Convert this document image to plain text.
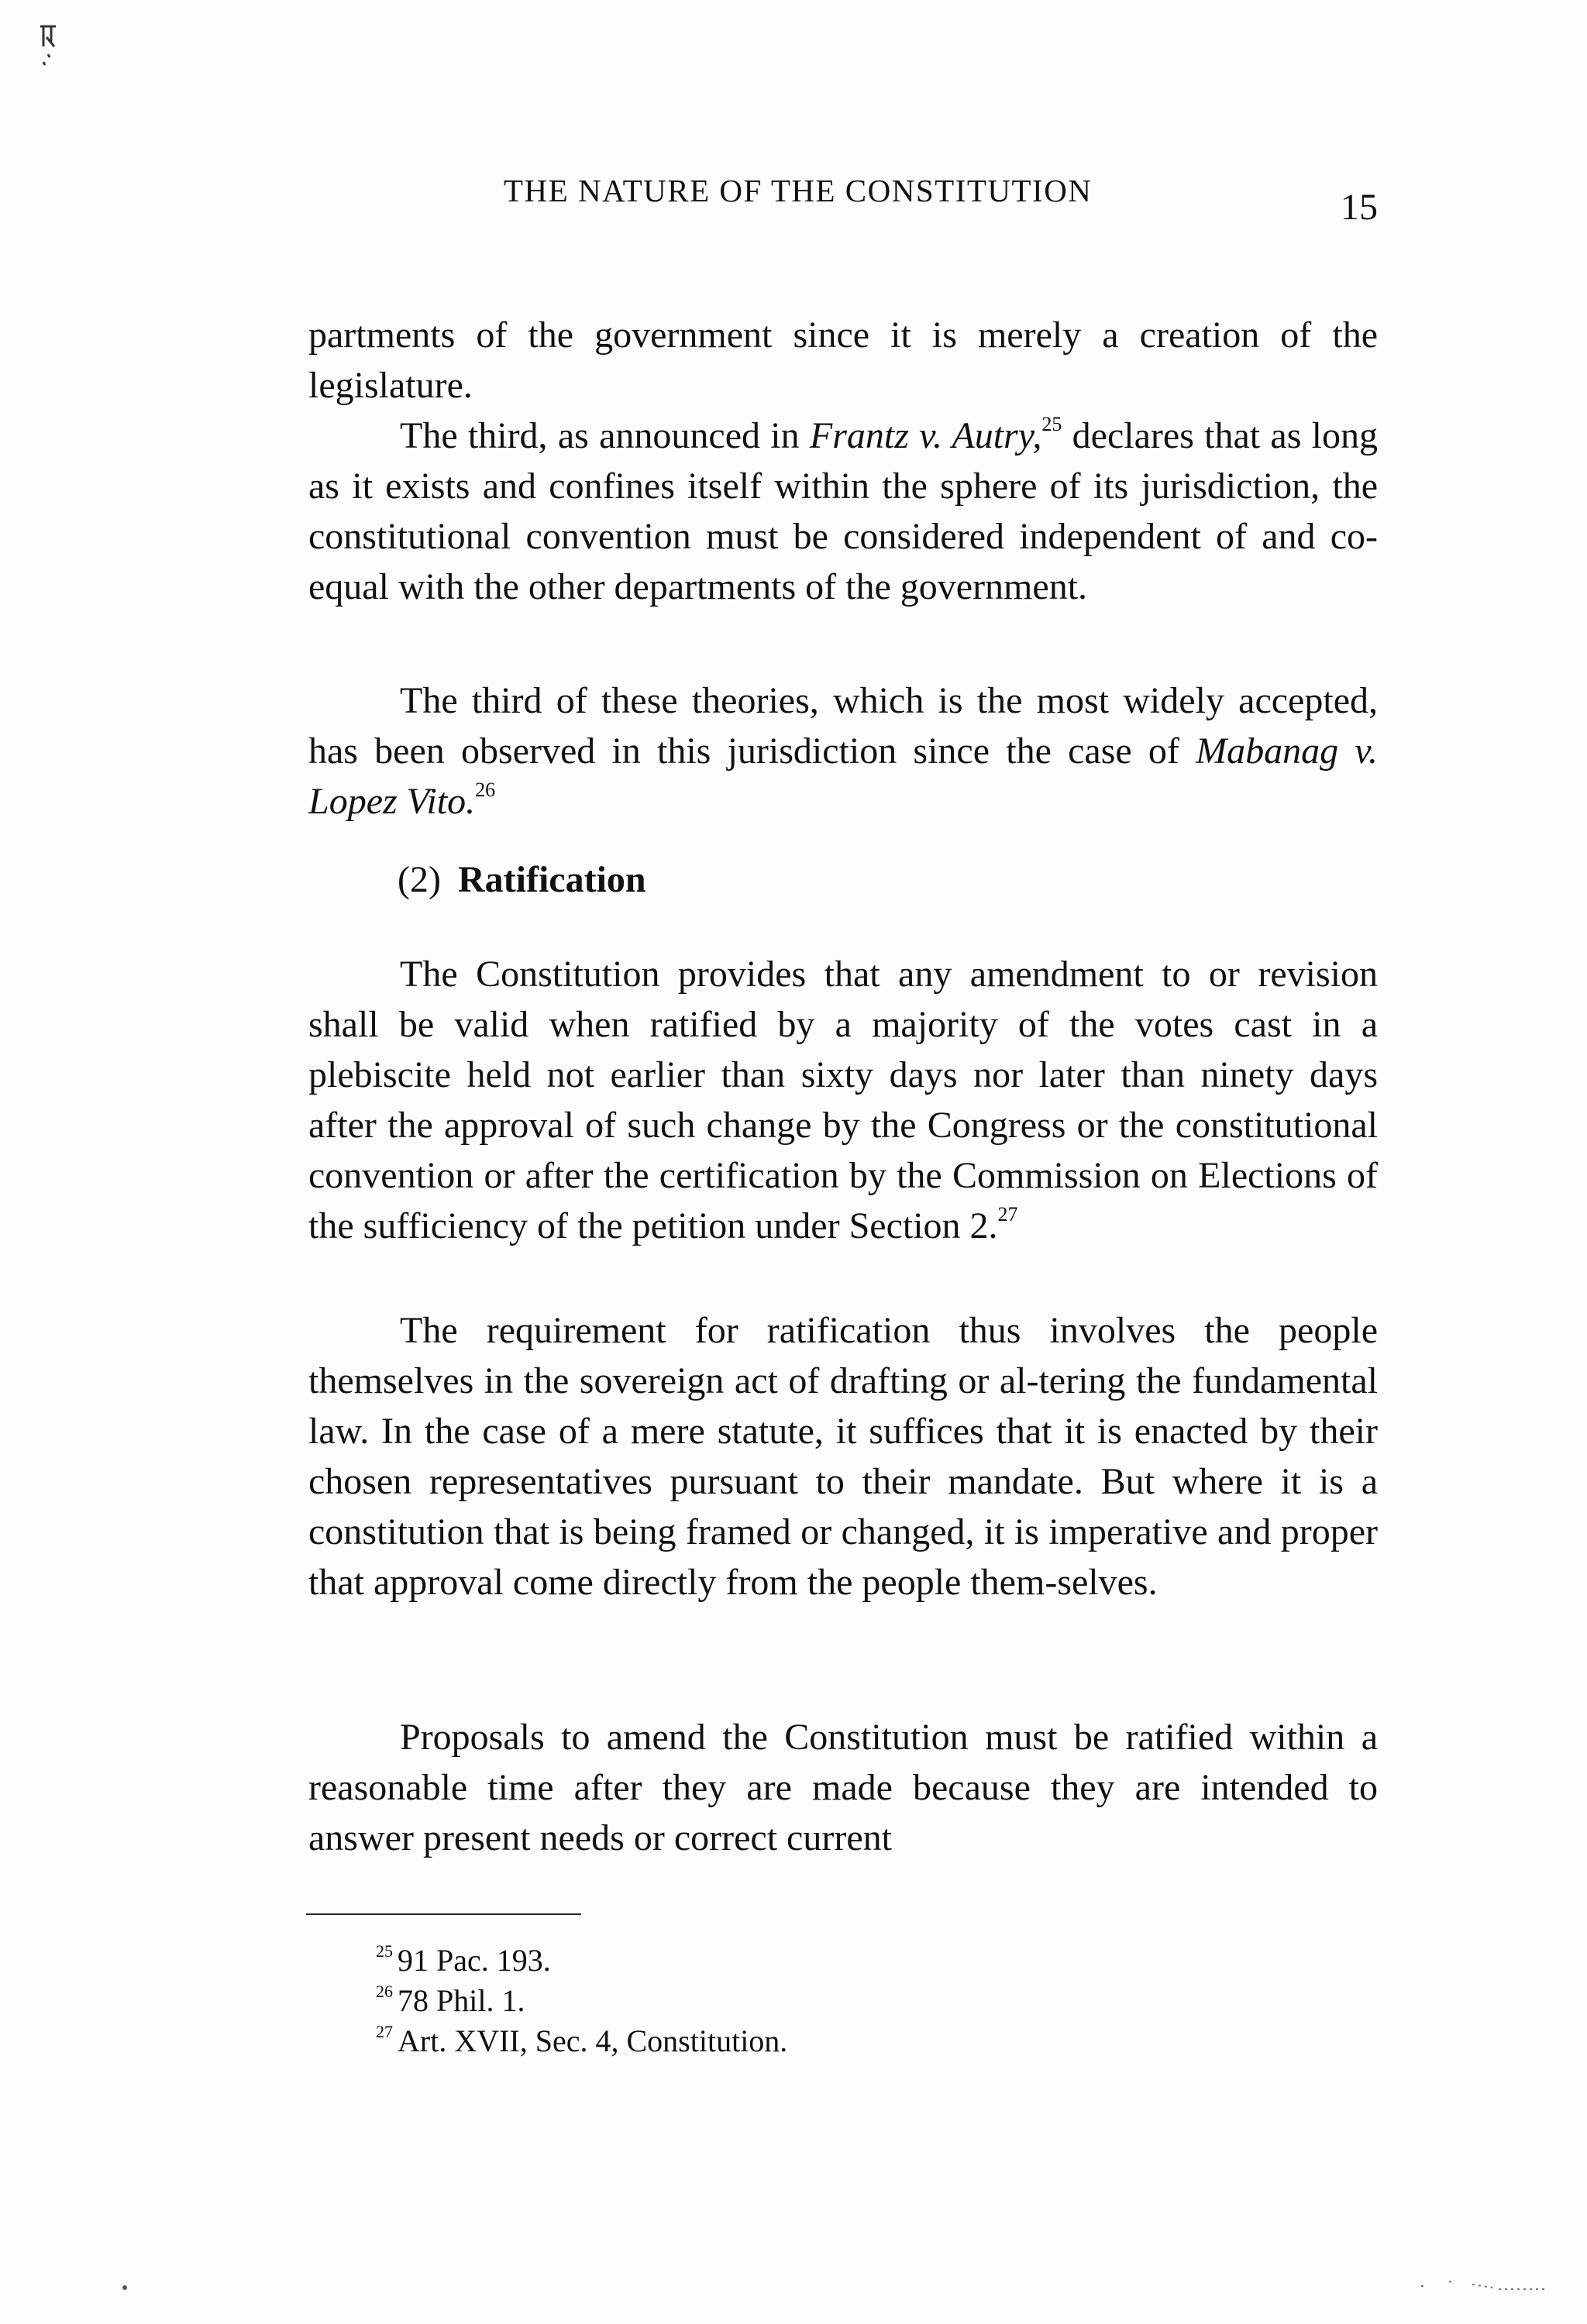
THE NATURE OF THE CONSTITUTION	15

partments of the government since it is merely a creation of the legislature.

The third, as announced in Frantz v. Autry,$^{25}$ declares that as long as it exists and confines itself within the sphere of its jurisdiction, the constitutional convention must be considered independent of and co-equal with the other departments of the government.

The third of these theories, which is the most widely accepted, has been observed in this jurisdiction since the case of Mabanag v. Lopez Vito.$^{26}$

(2) Ratification

The Constitution provides that any amendment to or revision shall be valid when ratified by a majority of the votes cast in a plebiscite held not earlier than sixty days nor later than ninety days after the approval of such change by the Congress or the constitutional convention or after the certification by the Commission on Elections of the sufficiency of the petition under Section 2.27

The requirement for ratification thus involves the people themselves in the sovereign act of drafting or al-tering the fundamental law. In the case of a mere statute, it suffices that it is enacted by their chosen representatives pursuant to their mandate. But where it is a constitution that is being framed or changed, it is imperative and proper that approval come directly from the people them-selves.

Proposals to amend the Constitution must be ratified within a reasonable time after they are made because they are intended to answer present needs or correct current

$^{25}$ 91 Pac. 193.
$^{26}$ 78 Phil. 1.
$^{27}$ Art. XVII, Sec. 4, Constitution.
